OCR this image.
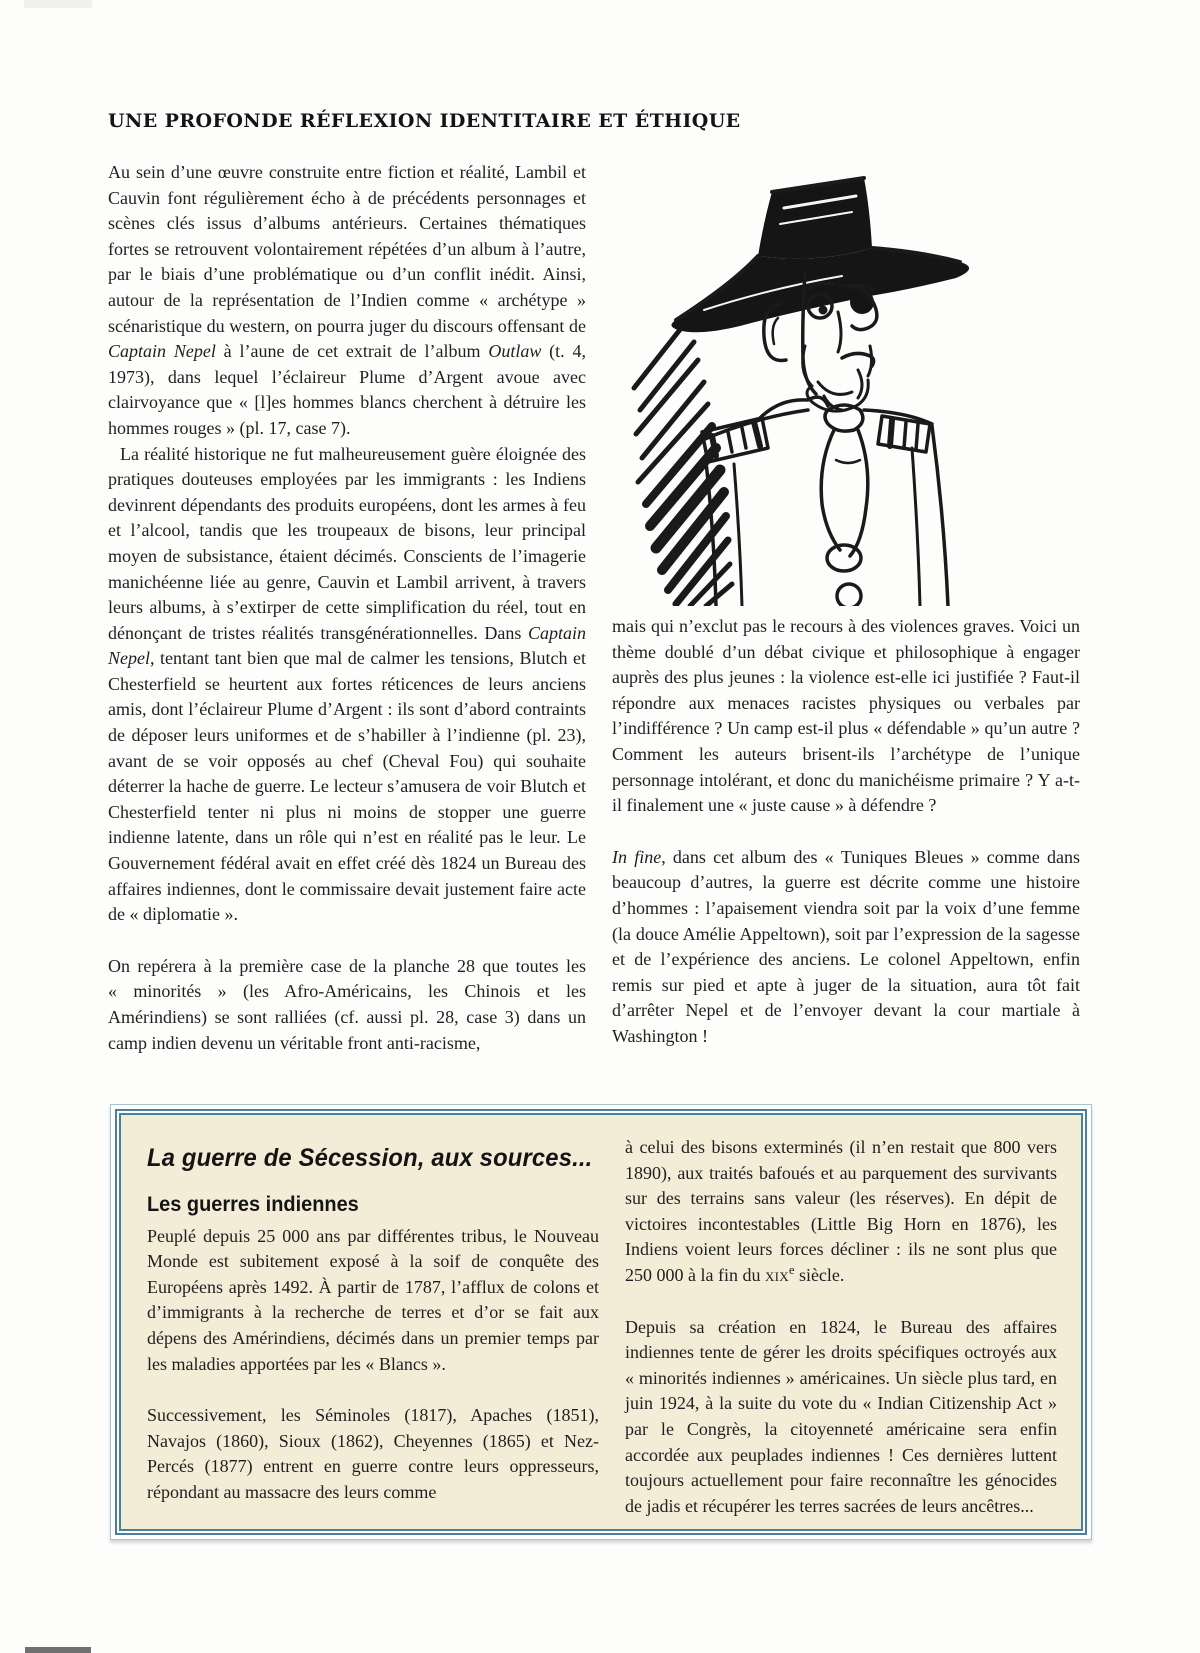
UNE PROFONDE RÉFLEXION IDENTITAIRE ET ÉTHIQUE

Au sein d’une œuvre construite entre fiction et réalité, Lambil et Cauvin font régulièrement écho à de précédents personnages et scènes clés issus d’albums antérieurs. Certaines thématiques fortes se retrouvent volontairement répétées d’un album à l’autre, par le biais d’une problématique ou d’un conflit inédit. Ainsi, autour de la représentation de l’Indien comme « archétype » scénaristique du western, on pourra juger du discours offensant de Captain Nepel à l’aune de cet extrait de l’album Outlaw (t. 4, 1973), dans lequel l’éclaireur Plume d’Argent avoue avec clairvoyance que « [l]es hommes blancs cherchent à détruire les hommes rouges » (pl. 17, case 7).

La réalité historique ne fut malheureusement guère éloignée des pratiques douteuses employées par les immigrants : les Indiens devinrent dépendants des produits européens, dont les armes à feu et l’alcool, tandis que les troupeaux de bisons, leur principal moyen de subsistance, étaient décimés. Conscients de l’imagerie manichéenne liée au genre, Cauvin et Lambil arrivent, à travers leurs albums, à s’extirper de cette simplification du réel, tout en dénonçant de tristes réalités transgénérationnelles. Dans Captain Nepel, tentant tant bien que mal de calmer les tensions, Blutch et Chesterfield se heurtent aux fortes réticences de leurs anciens amis, dont l’éclaireur Plume d’Argent : ils sont d’abord contraints de déposer leurs uniformes et de s’habiller à l’indienne (pl. 23), avant de se voir opposés au chef (Cheval Fou) qui souhaite déterrer la hache de guerre. Le lecteur s’amusera de voir Blutch et Chesterfield tenter ni plus ni moins de stopper une guerre indienne latente, dans un rôle qui n’est en réalité pas le leur. Le Gouvernement fédéral avait en effet créé dès 1824 un Bureau des affaires indiennes, dont le commissaire devait justement faire acte de « diplomatie ».

On repérera à la première case de la planche 28 que toutes les « minorités » (les Afro-Américains, les Chinois et les Amérindiens) se sont ralliées (cf. aussi pl. 28, case 3) dans un camp indien devenu un véritable front anti-racisme,

mais qui n’exclut pas le recours à des violences graves. Voici un thème doublé d’un débat civique et philosophique à engager auprès des plus jeunes : la violence est-elle ici justifiée ? Faut-il répondre aux menaces racistes physiques ou verbales par l’indifférence ? Un camp est-il plus « défendable » qu’un autre ? Comment les auteurs brisent-ils l’archétype de l’unique personnage intolérant, et donc du manichéisme primaire ? Y a-t-il finalement une « juste cause » à défendre ?

In fine, dans cet album des « Tuniques Bleues » comme dans beaucoup d’autres, la guerre est décrite comme une histoire d’hommes : l’apaisement viendra soit par la voix d’une femme (la douce Amélie Appeltown), soit par l’expression de la sagesse et de l’expérience des anciens. Le colonel Appeltown, enfin remis sur pied et apte à juger de la situation, aura tôt fait d’arrêter Nepel et de l’envoyer devant la cour martiale à Washington !

La guerre de Sécession, aux sources...
Les guerres indiennes

Peuplé depuis 25 000 ans par différentes tribus, le Nouveau Monde est subitement exposé à la soif de conquête des Européens après 1492. À partir de 1787, l’afflux de colons et d’immigrants à la recherche de terres et d’or se fait aux dépens des Amérindiens, décimés dans un premier temps par les maladies apportées par les « Blancs ».

Successivement, les Séminoles (1817), Apaches (1851), Navajos (1860), Sioux (1862), Cheyennes (1865) et Nez-Percés (1877) entrent en guerre contre leurs oppresseurs, répondant au massacre des leurs comme

à celui des bisons exterminés (il n’en restait que 800 vers 1890), aux traités bafoués et au parquement des survivants sur des terrains sans valeur (les réserves). En dépit de victoires incontestables (Little Big Horn en 1876), les Indiens voient leurs forces décliner : ils ne sont plus que 250 000 à la fin du xix$^e$ siècle.

Depuis sa création en 1824, le Bureau des affaires indiennes tente de gérer les droits spécifiques octroyés aux « minorités indiennes » américaines. Un siècle plus tard, en juin 1924, à la suite du vote du « Indian Citizenship Act » par le Congrès, la citoyenneté américaine sera enfin accordée aux peuplades indiennes ! Ces dernières luttent toujours actuellement pour faire reconnaître les génocides de jadis et récupérer les terres sacrées de leurs ancêtres...
